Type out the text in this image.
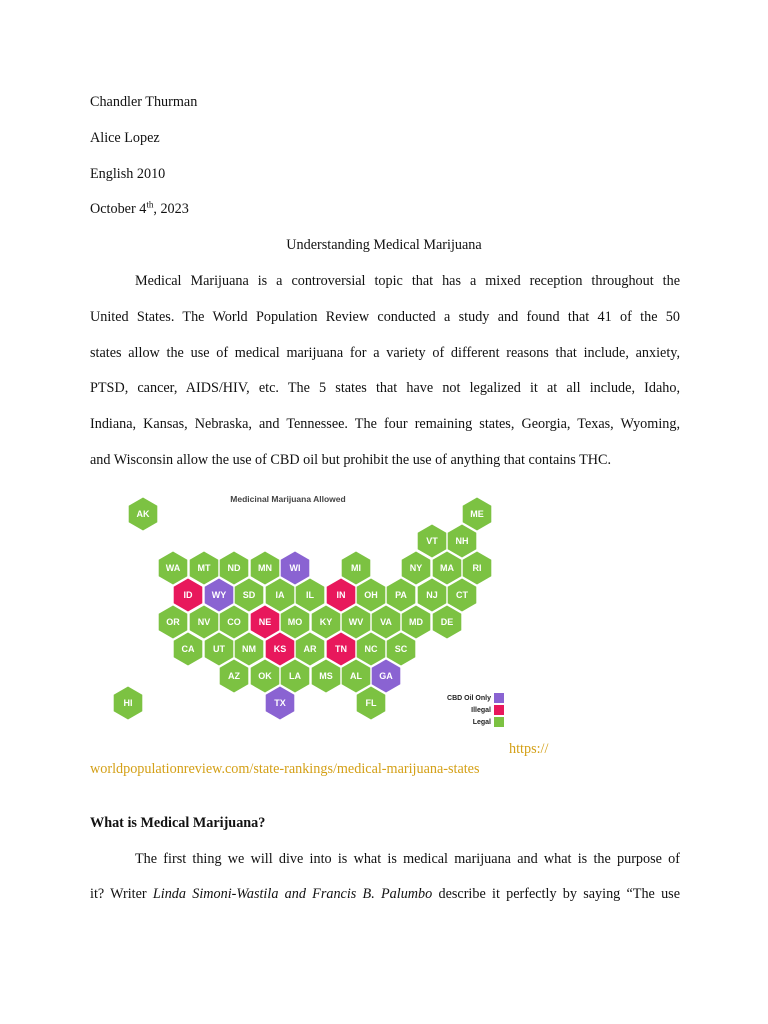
Chandler Thurman
Alice Lopez
English 2010
October 4th, 2023
Understanding Medical Marijuana
Medical Marijuana is a controversial topic that has a mixed reception throughout the
United States. The World Population Review conducted a study and found that 41 of the 50
states allow the use of medical marijuana for a variety of different reasons that include, anxiety,
PTSD, cancer, AIDS/HIV, etc. The 5 states that have not legalized it at all include, Idaho,
Indiana, Kansas, Nebraska, and Tennessee. The four remaining states, Georgia, Texas, Wyoming,
and Wisconsin allow the use of CBD oil but prohibit the use of anything that contains THC.
Medicinal Marijuana Allowed
AK	ME
VT NH
WA MT ND MN WI	MI	NY MA RI
ID WY SD IA IL	IN OH PA NJ CT
OR NV CO NE MO KY WV VA MD DE
CA UT NM KS AR TN NC SC
AZ OK LA MS AL GA
HI	TX	FL	CBD Oil Only
Illegal
Legal
https://
worldpopulationreview.com/state-rankings/medical-marijuana-states
What is Medical Marijuana?
The first thing we will dive into is what is medical marijuana and what is the purpose of
it? Writer Linda Simoni-Wastila and Francis B. Palumbo describe it perfectly by saying “The use
